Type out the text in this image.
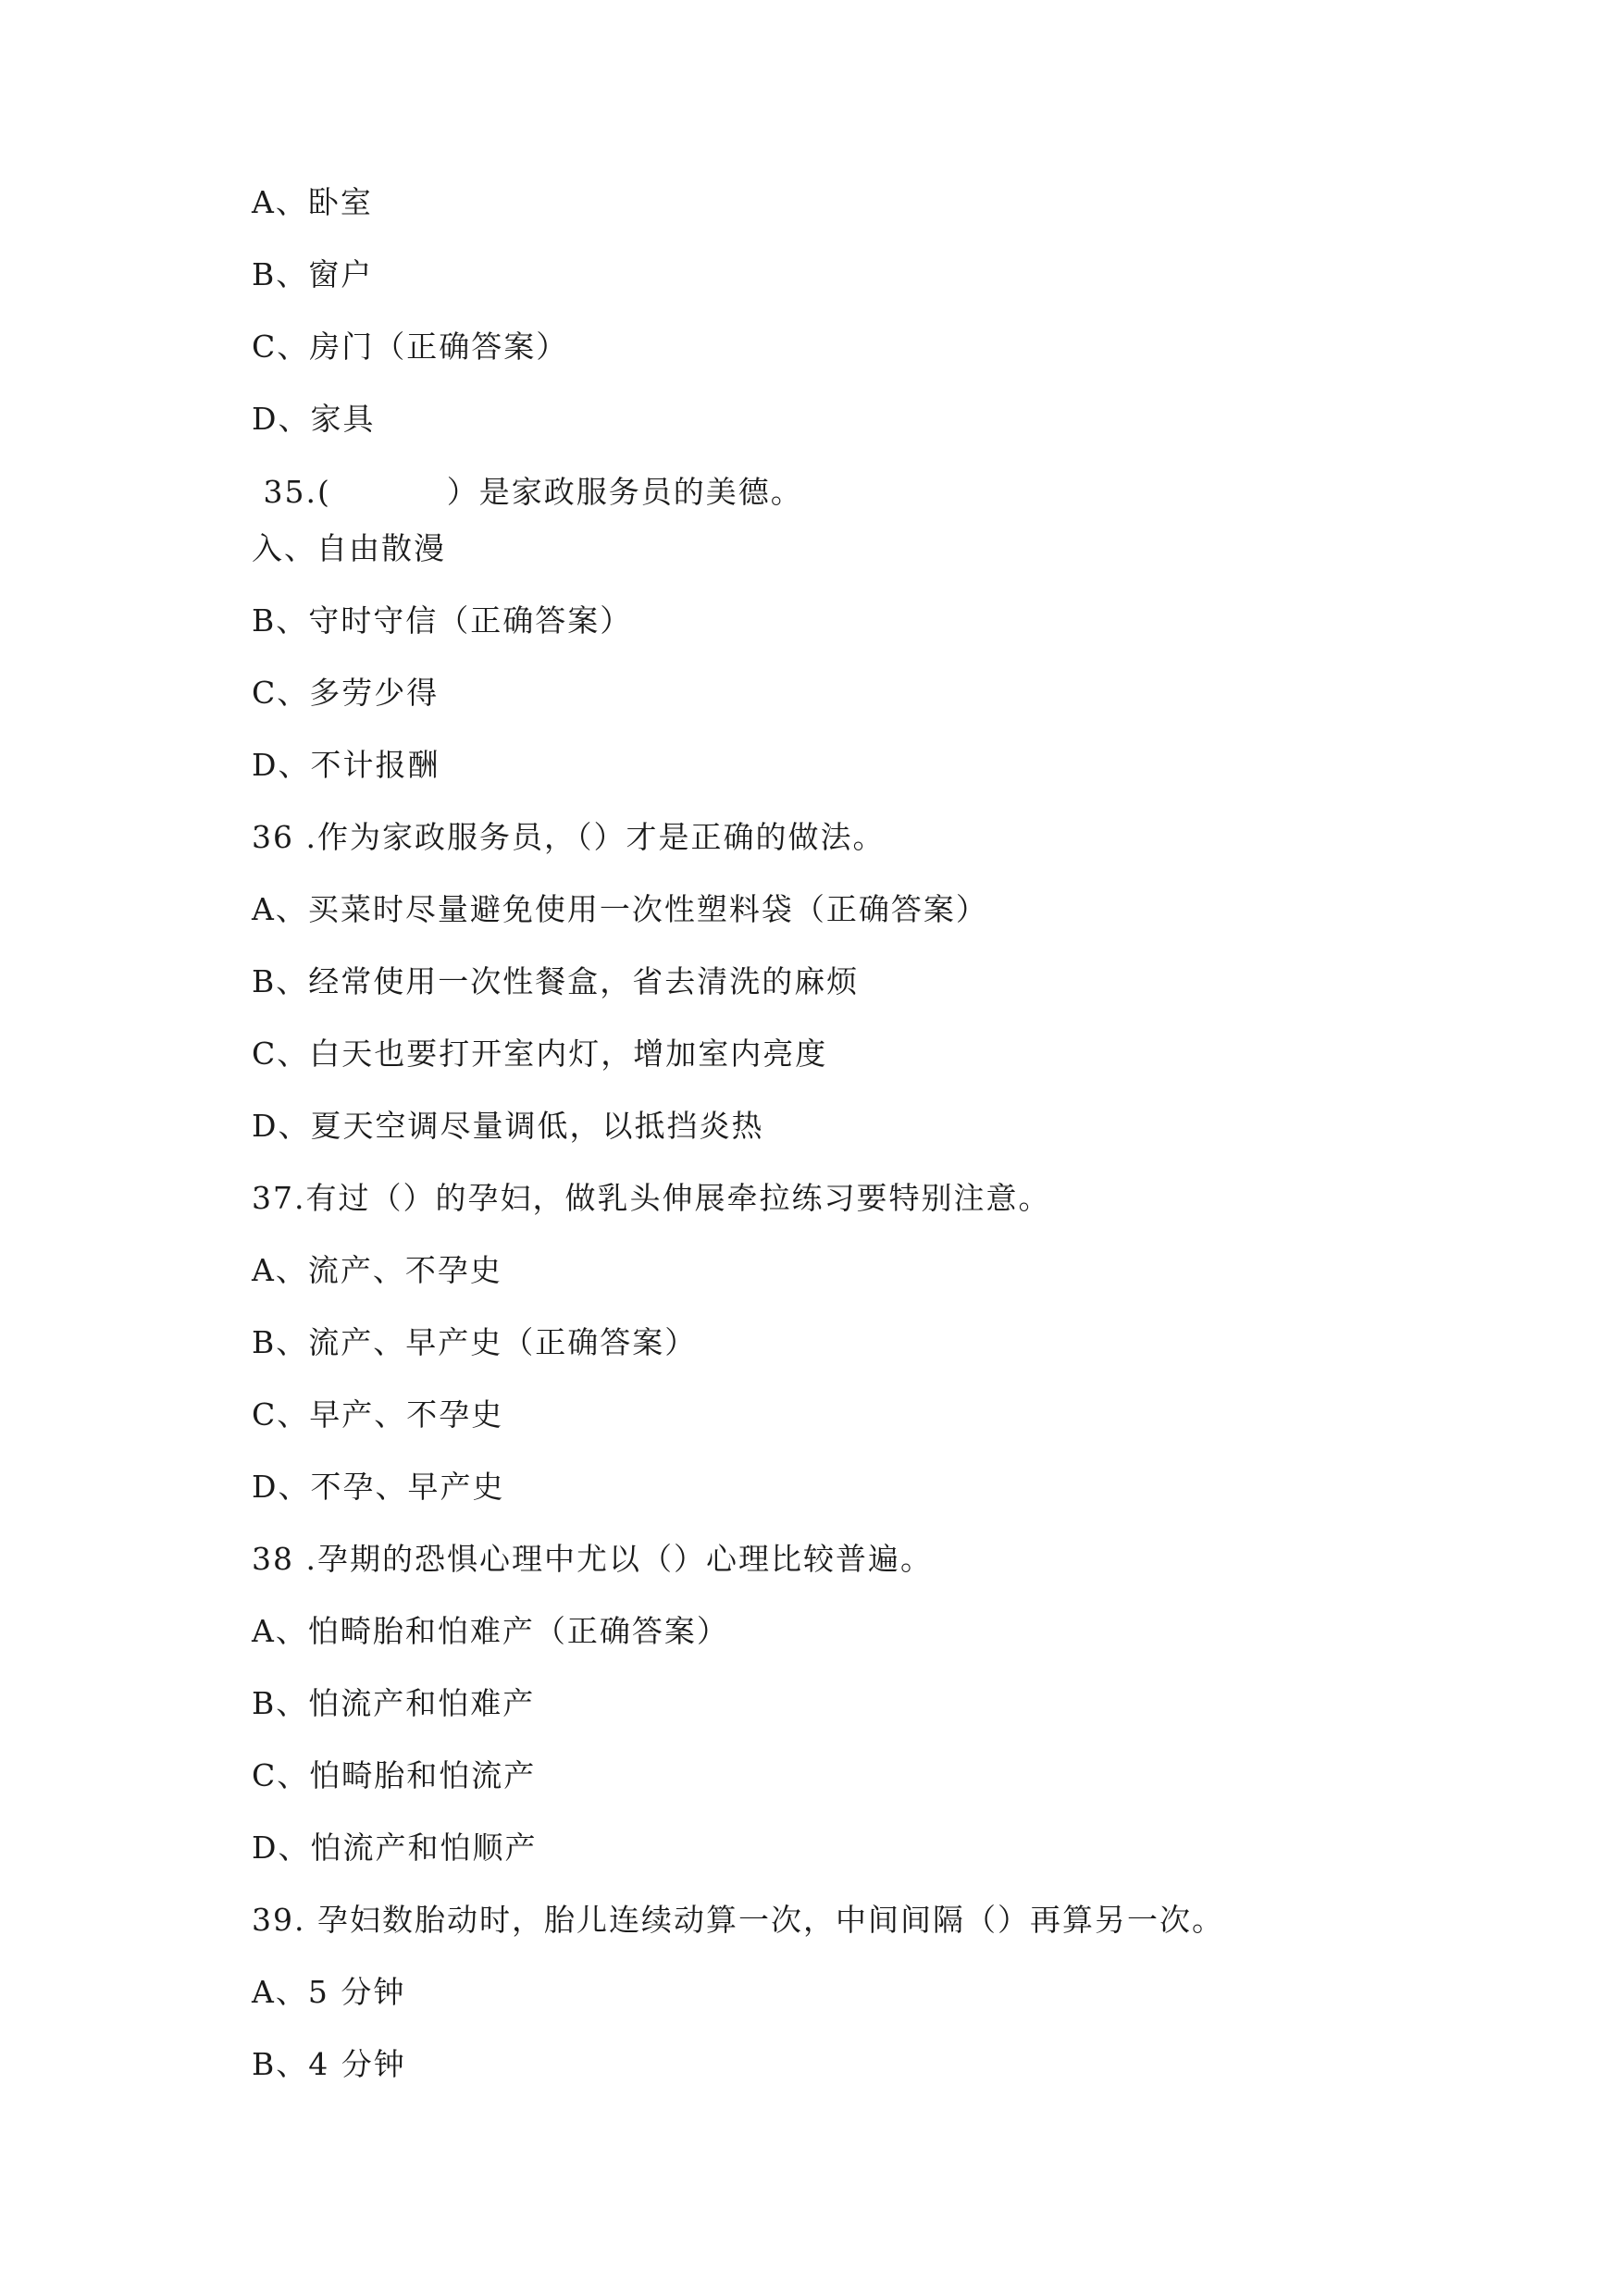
A、卧室
B、窗户
C、房门（正确答案）
D、家具
35.(          ）是家政服务员的美德。
入、自由散漫
B、守时守信（正确答案）
C、多劳少得
D、不计报酬
36 .作为家政服务员，（）才是正确的做法。
A、买菜时尽量避免使用一次性塑料袋（正确答案）
B、经常使用一次性餐盒，省去清洗的麻烦
C、白天也要打开室内灯，增加室内亮度
D、夏天空调尽量调低，以抵挡炎热
37.有过（）的孕妇，做乳头伸展牵拉练习要特别注意。
A、流产、不孕史
B、流产、早产史（正确答案）
C、早产、不孕史
D、不孕、早产史
38 .孕期的恐惧心理中尤以（）心理比较普遍。
A、怕畸胎和怕难产（正确答案）
B、怕流产和怕难产
C、怕畸胎和怕流产
D、怕流产和怕顺产
39. 孕妇数胎动时，胎儿连续动算一次，中间间隔（）再算另一次。
A、5 分钟
B、4 分钟
